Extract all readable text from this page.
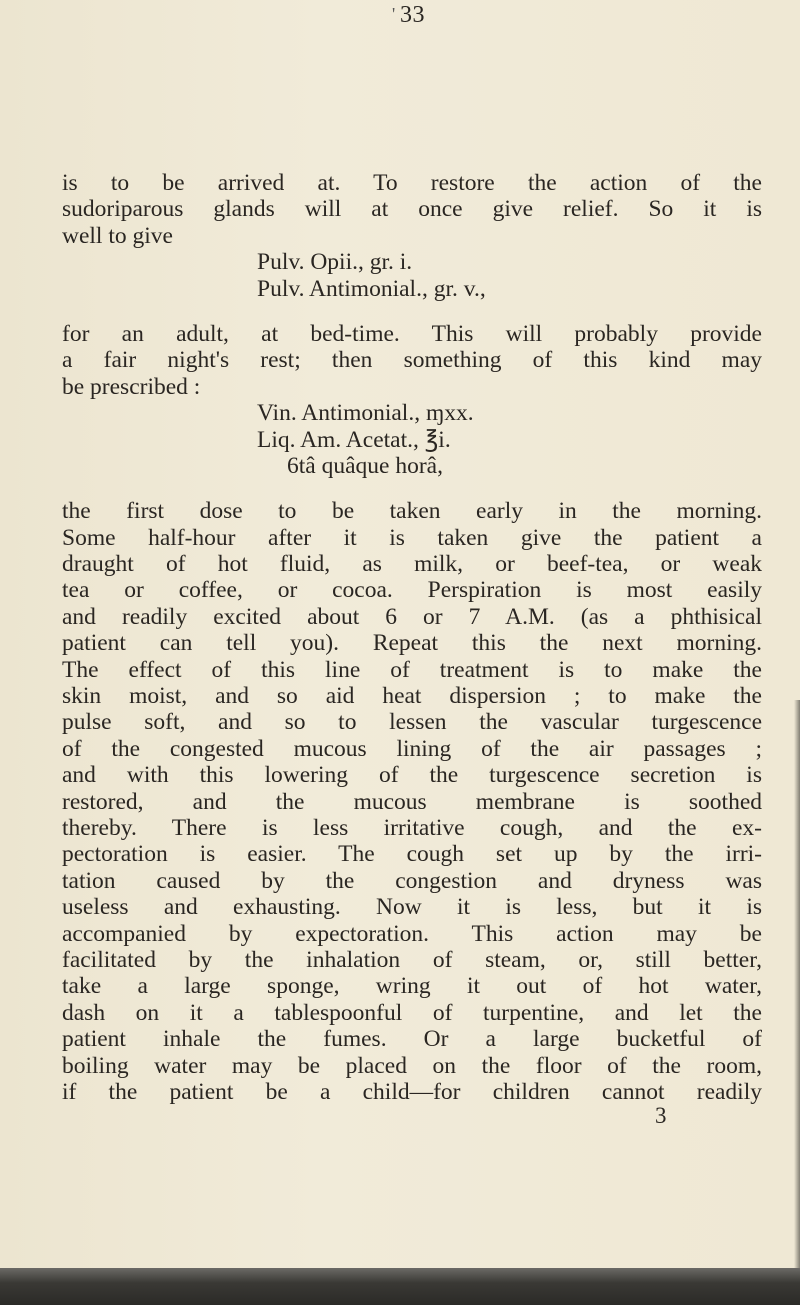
' 33
is to be arrived at. To restore the action of the
sudoriparous glands will at once give relief. So it is
well to give
Pulv. Opii., gr. i.
Pulv. Antimonial., gr. v.,
for an adult, at bed-time. This will probably provide
a fair night's rest; then something of this kind may
be prescribed :
Vin. Antimonial., ɱxx.
Liq. Am. Acetat., ℥i.
6tâ quâque horâ,
the first dose to be taken early in the morning.
Some half-hour after it is taken give the patient a
draught of hot fluid, as milk, or beef-tea, or weak
tea or coffee, or cocoa. Perspiration is most easily
and readily excited about 6 or 7 A.M. (as a phthisical
patient can tell you). Repeat this the next morning.
The effect of this line of treatment is to make the
skin moist, and so aid heat dispersion ; to make the
pulse soft, and so to lessen the vascular turgescence
of the congested mucous lining of the air passages ;
and with this lowering of the turgescence secretion is
restored, and the mucous membrane is soothed
thereby. There is less irritative cough, and the ex-
pectoration is easier. The cough set up by the irri-
tation caused by the congestion and dryness was
useless and exhausting. Now it is less, but it is
accompanied by expectoration. This action may be
facilitated by the inhalation of steam, or, still better,
take a large sponge, wring it out of hot water,
dash on it a tablespoonful of turpentine, and let the
patient inhale the fumes. Or a large bucketful of
boiling water may be placed on the floor of the room,
if the patient be a child—for children cannot readily
3
